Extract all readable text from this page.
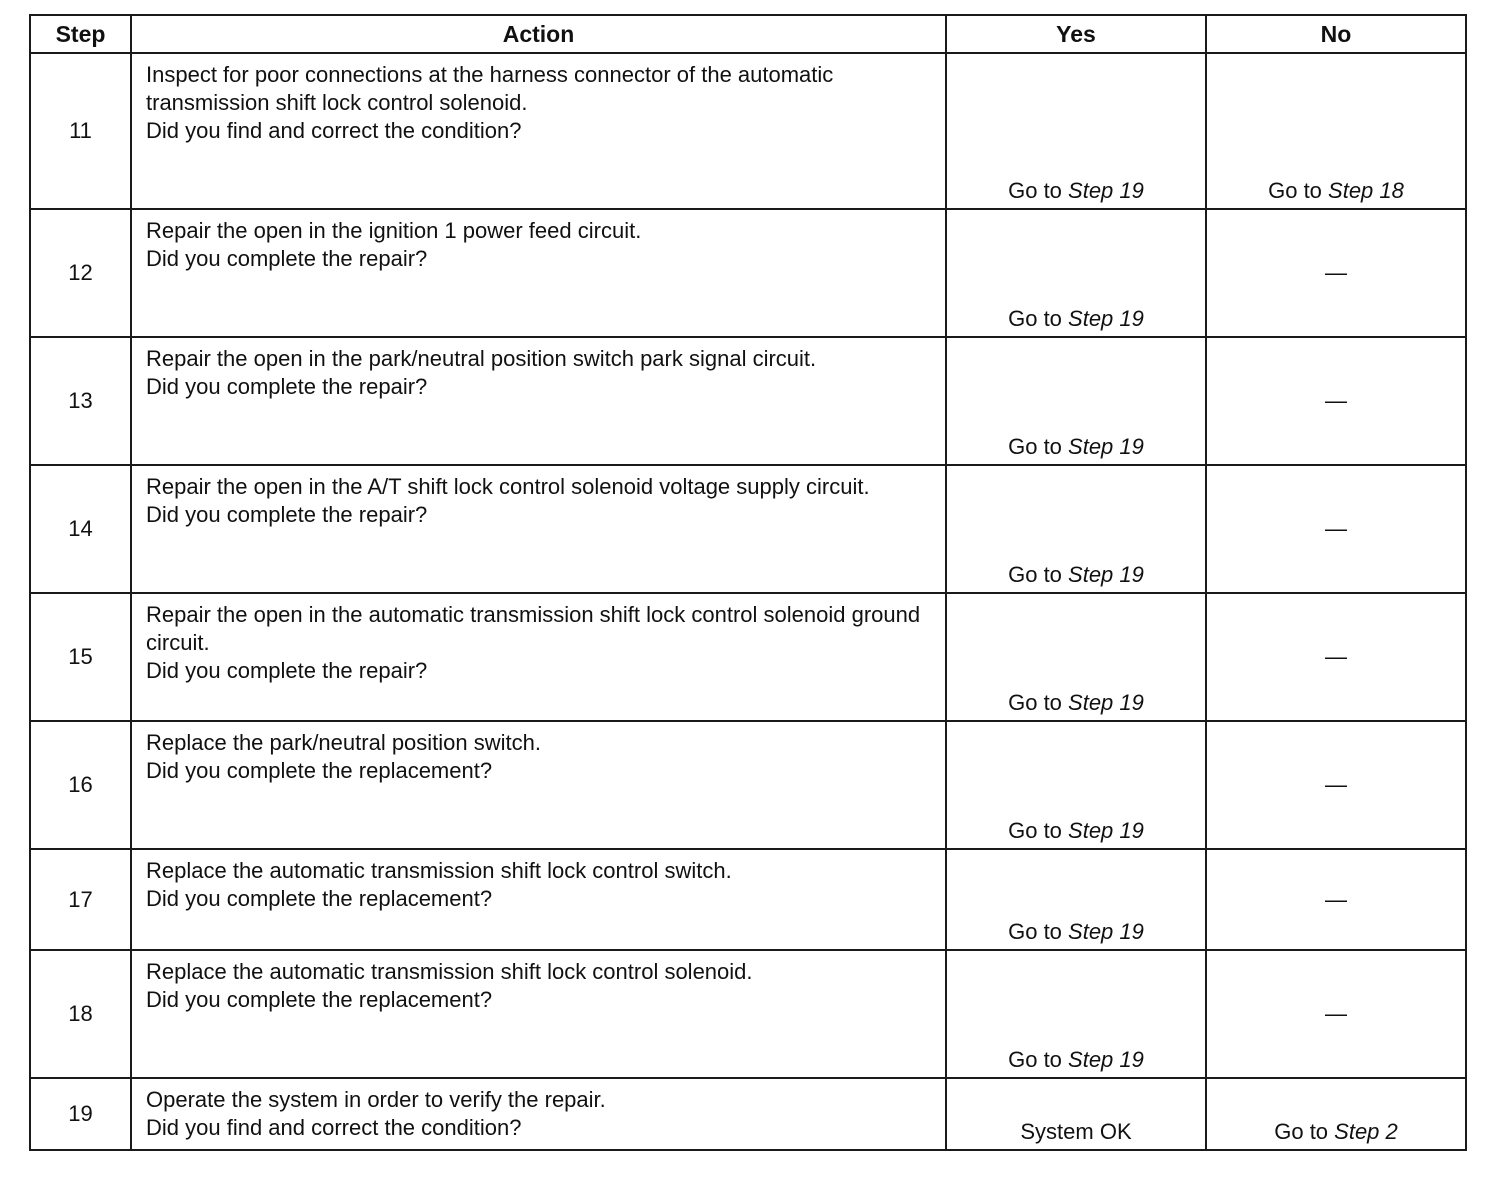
Step	Action	Yes	No
11	Inspect for poor connections at the harness connector of the automatic transmission shift lock control solenoid.
Did you find and correct the condition?	Go to Step 19	Go to Step 18
12	Repair the open in the ignition 1 power feed circuit.
Did you complete the repair?	Go to Step 19	—
13	Repair the open in the park/neutral position switch park signal circuit.
Did you complete the repair?	Go to Step 19	—
14	Repair the open in the A/T shift lock control solenoid voltage supply circuit.
Did you complete the repair?	Go to Step 19	—
15	Repair the open in the automatic transmission shift lock control solenoid ground circuit.
Did you complete the repair?	Go to Step 19	—
16	Replace the park/neutral position switch.
Did you complete the replacement?	Go to Step 19	—
17	Replace the automatic transmission shift lock control switch.
Did you complete the replacement?	Go to Step 19	—
18	Replace the automatic transmission shift lock control solenoid.
Did you complete the replacement?	Go to Step 19	—
19	Operate the system in order to verify the repair.
Did you find and correct the condition?	System OK	Go to Step 2
